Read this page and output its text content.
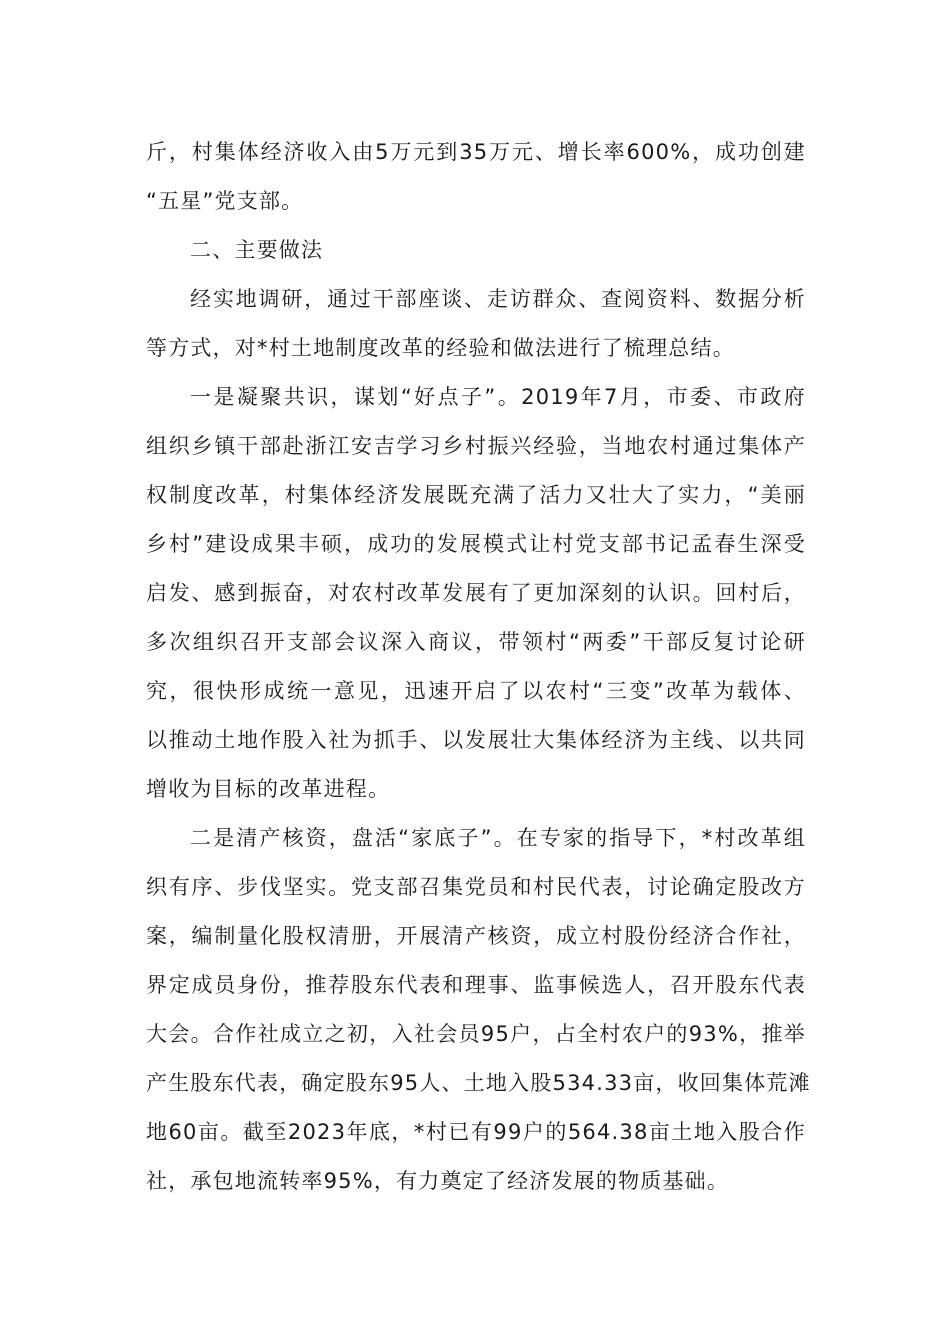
斤，村集体经济收入由5万元到35万元、增长率600%，成功创建
“五星”党支部。

二、主要做法

经实地调研，通过干部座谈、走访群众、查阅资料、数据分析
等方式，对*村土地制度改革的经验和做法进行了梳理总结。

一是凝聚共识，谋划“好点子”。2019年7月，市委、市政府
组织乡镇干部赴浙江安吉学习乡村振兴经验，当地农村通过集体产
权制度改革，村集体经济发展既充满了活力又壮大了实力，“美丽
乡村”建设成果丰硕，成功的发展模式让村党支部书记孟春生深受
启发、感到振奋，对农村改革发展有了更加深刻的认识。回村后，
多次组织召开支部会议深入商议，带领村“两委”干部反复讨论研
究，很快形成统一意见，迅速开启了以农村“三变”改革为载体、
以推动土地作股入社为抓手、以发展壮大集体经济为主线、以共同
增收为目标的改革进程。

二是清产核资，盘活“家底子”。在专家的指导下，*村改革组
织有序、步伐坚实。党支部召集党员和村民代表，讨论确定股改方
案，编制量化股权清册，开展清产核资，成立村股份经济合作社，
界定成员身份，推荐股东代表和理事、监事候选人，召开股东代表
大会。合作社成立之初，入社会员95户，占全村农户的93%，推举
产生股东代表，确定股东95人、土地入股534.33亩，收回集体荒滩
地60亩。截至2023年底，*村已有99户的564.38亩土地入股合作
社，承包地流转率95%，有力奠定了经济发展的物质基础。
